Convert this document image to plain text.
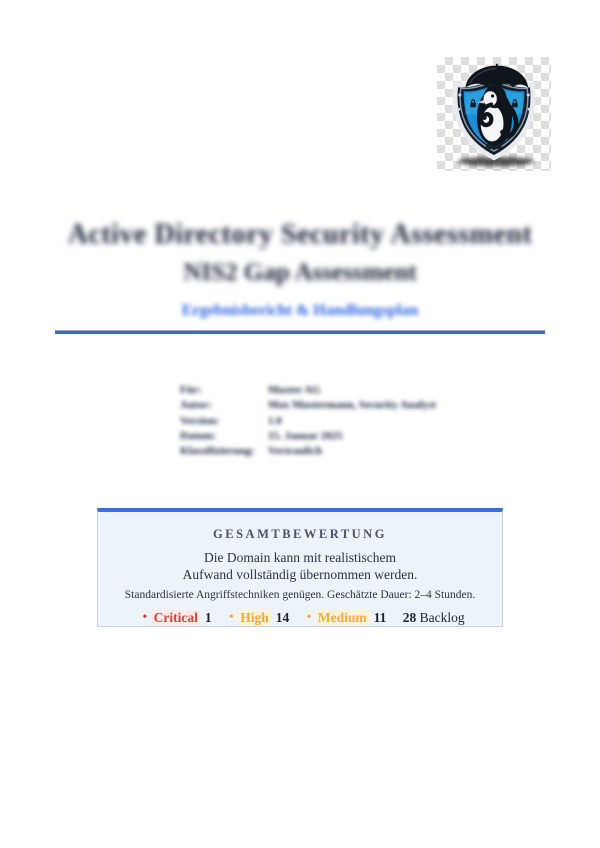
Active Directory Security Assessment
NIS2 Gap Assessment
Ergebnisbericht & Handlungsplan
Für:	Muster AG
Autor:	Max Mustermann, Security Analyst
Version:	1.0
Datum:	15. Januar 2025
Klassifizierung:	Vertraulich
GESAMTBEWERTUNG
Die Domain kann mit realistischem
Aufwand vollständig übernommen werden.
Standardisierte Angriffstechniken genügen. Geschätzte Dauer: 2–4 Stunden.
• Critical 1 • High 14 • Medium 11 28 Backlog
